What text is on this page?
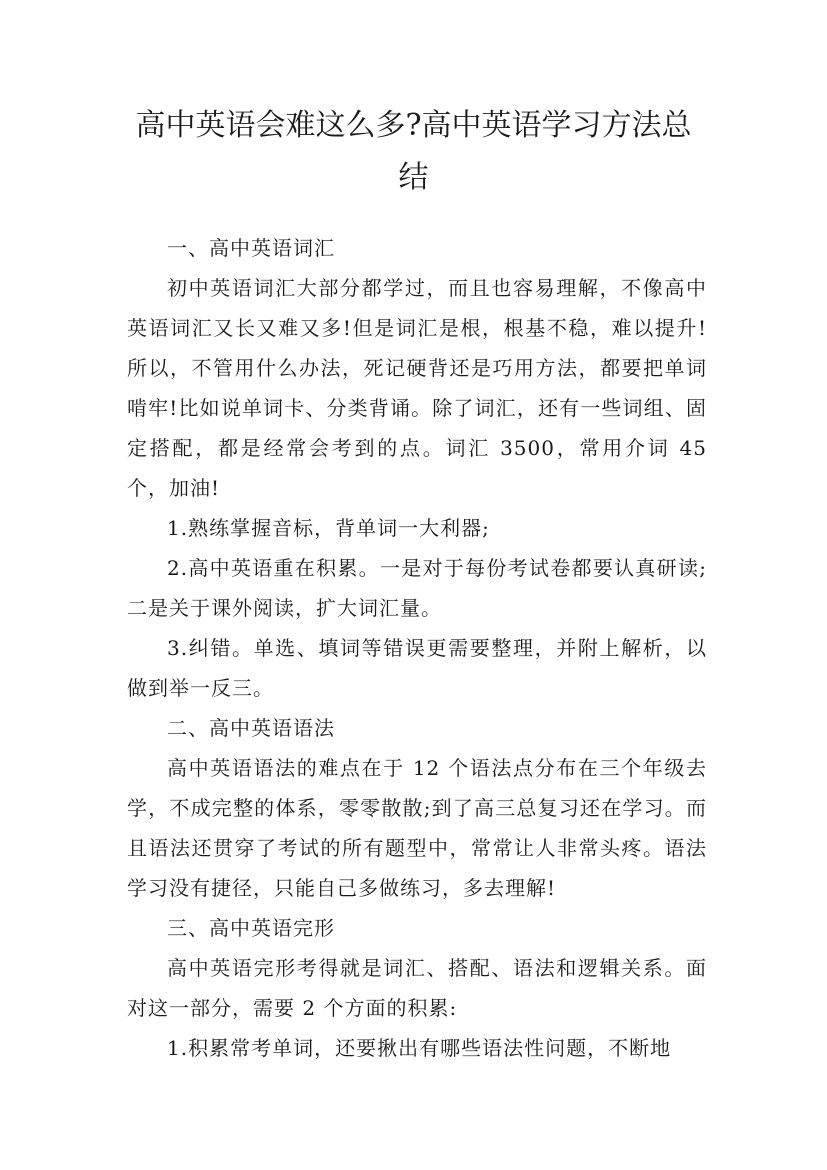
高中英语会难这么多?高中英语学习方法总
结

一、高中英语词汇

初中英语词汇大部分都学过，而且也容易理解，不像高中英语词汇又长又难又多!但是词汇是根，根基不稳，难以提升!所以，不管用什么办法，死记硬背还是巧用方法，都要把单词啃牢!比如说单词卡、分类背诵。除了词汇，还有一些词组、固定搭配，都是经常会考到的点。词汇 3500，常用介词 45 个，加油!

1.熟练掌握音标，背单词一大利器;

2.高中英语重在积累。一是对于每份考试卷都要认真研读;二是关于课外阅读，扩大词汇量。

3.纠错。单选、填词等错误更需要整理，并附上解析，以做到举一反三。

二、高中英语语法

高中英语语法的难点在于 12 个语法点分布在三个年级去学，不成完整的体系，零零散散;到了高三总复习还在学习。而且语法还贯穿了考试的所有题型中，常常让人非常头疼。语法学习没有捷径，只能自己多做练习，多去理解!

三、高中英语完形

高中英语完形考得就是词汇、搭配、语法和逻辑关系。面对这一部分，需要 2 个方面的积累:

1.积累常考单词，还要揪出有哪些语法性问题，不断地
